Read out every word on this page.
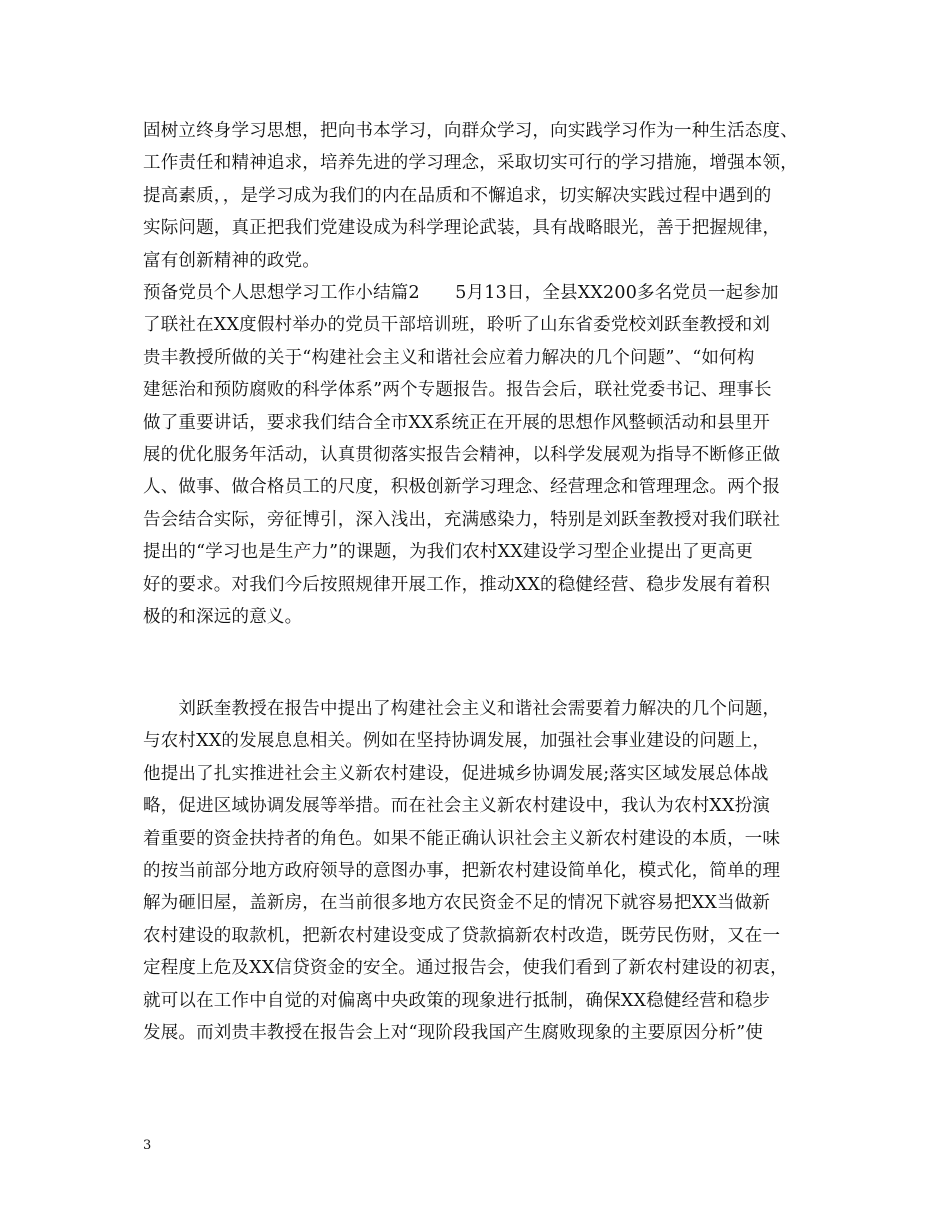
固树立终身学习思想，把向书本学习，向群众学习，向实践学习作为一种生活态度、
工作责任和精神追求，培养先进的学习理念，采取切实可行的学习措施，增强本领，
提高素质，，是学习成为我们的内在品质和不懈追求，切实解决实践过程中遇到的
实际问题，真正把我们党建设成为科学理论武装，具有战略眼光，善于把握规律，
富有创新精神的政党。
预备党员个人思想学习工作小结篇2　　5月13日，全县XX200多名党员一起参加
了联社在XX度假村举办的党员干部培训班，聆听了山东省委党校刘跃奎教授和刘
贵丰教授所做的关于“构建社会主义和谐社会应着力解决的几个问题”、“如何构
建惩治和预防腐败的科学体系”两个专题报告。报告会后，联社党委书记、理事长
做了重要讲话，要求我们结合全市XX系统正在开展的思想作风整顿活动和县里开
展的优化服务年活动，认真贯彻落实报告会精神，以科学发展观为指导不断修正做
人、做事、做合格员工的尺度，积极创新学习理念、经营理念和管理理念。两个报
告会结合实际，旁征博引，深入浅出，充满感染力，特别是刘跃奎教授对我们联社
提出的“学习也是生产力”的课题，为我们农村XX建设学习型企业提出了更高更
好的要求。对我们今后按照规律开展工作，推动XX的稳健经营、稳步发展有着积
极的和深远的意义。
　　刘跃奎教授在报告中提出了构建社会主义和谐社会需要着力解决的几个问题，
与农村XX的发展息息相关。例如在坚持协调发展，加强社会事业建设的问题上，
他提出了扎实推进社会主义新农村建设，促进城乡协调发展;落实区域发展总体战
略，促进区域协调发展等举措。而在社会主义新农村建设中，我认为农村XX扮演
着重要的资金扶持者的角色。如果不能正确认识社会主义新农村建设的本质，一味
的按当前部分地方政府领导的意图办事，把新农村建设简单化，模式化，简单的理
解为砸旧屋，盖新房，在当前很多地方农民资金不足的情况下就容易把XX当做新
农村建设的取款机，把新农村建设变成了贷款搞新农村改造，既劳民伤财，又在一
定程度上危及XX信贷资金的安全。通过报告会，使我们看到了新农村建设的初衷，
就可以在工作中自觉的对偏离中央政策的现象进行抵制，确保XX稳健经营和稳步
发展。而刘贵丰教授在报告会上对“现阶段我国产生腐败现象的主要原因分析”使
3
